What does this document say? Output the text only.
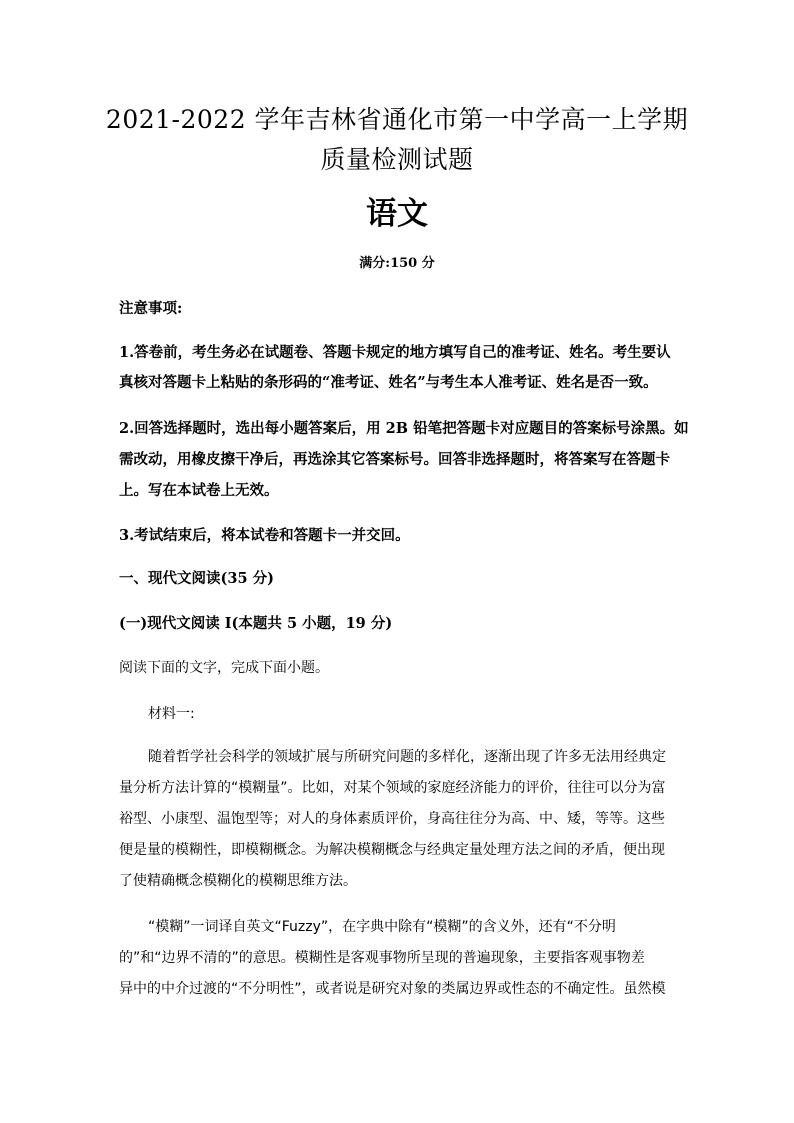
2021-2022 学年吉林省通化市第一中学高一上学期
质量检测试题
语文
满分:150 分
注意事项:
1.答卷前，考生务必在试题卷、答题卡规定的地方填写自己的准考证、姓名。考生要认
真核对答题卡上粘贴的条形码的“准考证、姓名”与考生本人准考证、姓名是否一致。
2.回答选择题时，选出每小题答案后，用 2B 铅笔把答题卡对应题目的答案标号涂黑。如
需改动，用橡皮擦干净后，再选涂其它答案标号。回答非选择题时，将答案写在答题卡
上。写在本试卷上无效。
3.考试结束后，将本试卷和答题卡一并交回。
一、现代文阅读(35 分)
(一)现代文阅读 I(本题共 5 小题，19 分)
阅读下面的文字，完成下面小题。
材料一:
随着哲学社会科学的领域扩展与所研究问题的多样化，逐渐出现了许多无法用经典定
量分析方法计算的“模糊量”。比如，对某个领域的家庭经济能力的评价，往往可以分为富
裕型、小康型、温饱型等；对人的身体素质评价，身高往往分为高、中、矮，等等。这些
便是量的模糊性，即模糊概念。为解决模糊概念与经典定量处理方法之间的矛盾，便出现
了使精确概念模糊化的模糊思维方法。
“模糊”一词译自英文“Fuzzy”，在字典中除有“模糊”的含义外，还有“不分明
的”和“边界不清的”的意思。模糊性是客观事物所呈现的普遍现象，主要指客观事物差
异中的中介过渡的“不分明性”，或者说是研究对象的类属边界或性态的不确定性。虽然模
